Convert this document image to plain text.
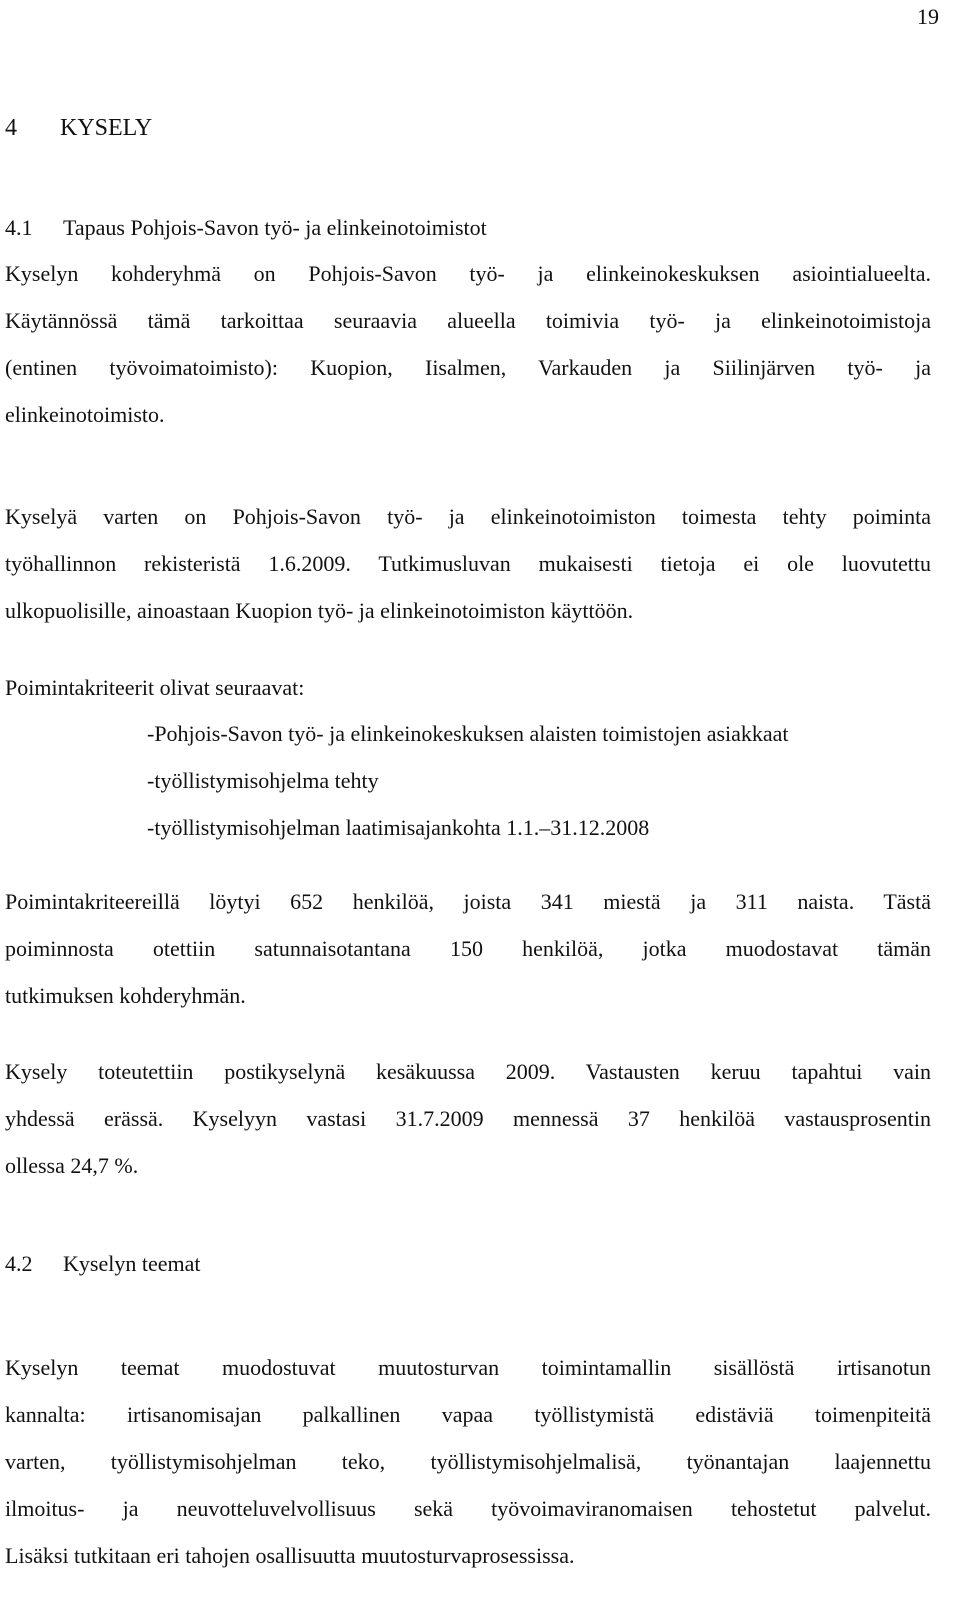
19
4 KYSELY
4.1 Tapaus Pohjois-Savon työ- ja elinkeinotoimistot

Kyselyn kohderyhmä on Pohjois-Savon työ- ja elinkeinokeskuksen asiointialueelta.
Käytännössä tämä tarkoittaa seuraavia alueella toimivia työ- ja elinkeinotoimistoja
(entinen työvoimatoimisto): Kuopion, Iisalmen, Varkauden ja Siilinjärven työ- ja
elinkeinotoimisto.

Kyselyä varten on Pohjois-Savon työ- ja elinkeinotoimiston toimesta tehty poiminta
työhallinnon rekisteristä 1.6.2009. Tutkimusluvan mukaisesti tietoja ei ole luovutettu
ulkopuolisille, ainoastaan Kuopion työ- ja elinkeinotoimiston käyttöön.

Poimintakriteerit olivat seuraavat:

-Pohjois-Savon työ- ja elinkeinokeskuksen alaisten toimistojen asiakkaat
-työllistymisohjelma tehty
-työllistymisohjelman laatimisajankohta 1.1.–31.12.2008

Poimintakriteereillä löytyi 652 henkilöä, joista 341 miestä ja 311 naista. Tästä
poiminnosta otettiin satunnaisotantana 150 henkilöä, jotka muodostavat tämän
tutkimuksen kohderyhmän.

Kysely toteutettiin postikyselynä kesäkuussa 2009. Vastausten keruu tapahtui vain
yhdessä erässä. Kyselyyn vastasi 31.7.2009 mennessä 37 henkilöä vastausprosentin
ollessa 24,7 %.

4.2 Kyselyn teemat

Kyselyn teemat muodostuvat muutosturvan toimintamallin sisällöstä irtisanotun
kannalta: irtisanomisajan palkallinen vapaa työllistymistä edistäviä toimenpiteitä
varten, työllistymisohjelman teko, työllistymisohjelmalisä, työnantajan laajennettu
ilmoitus- ja neuvotteluvelvollisuus sekä työvoimaviranomaisen tehostetut palvelut.
Lisäksi tutkitaan eri tahojen osallisuutta muutosturvaprosessissa.
